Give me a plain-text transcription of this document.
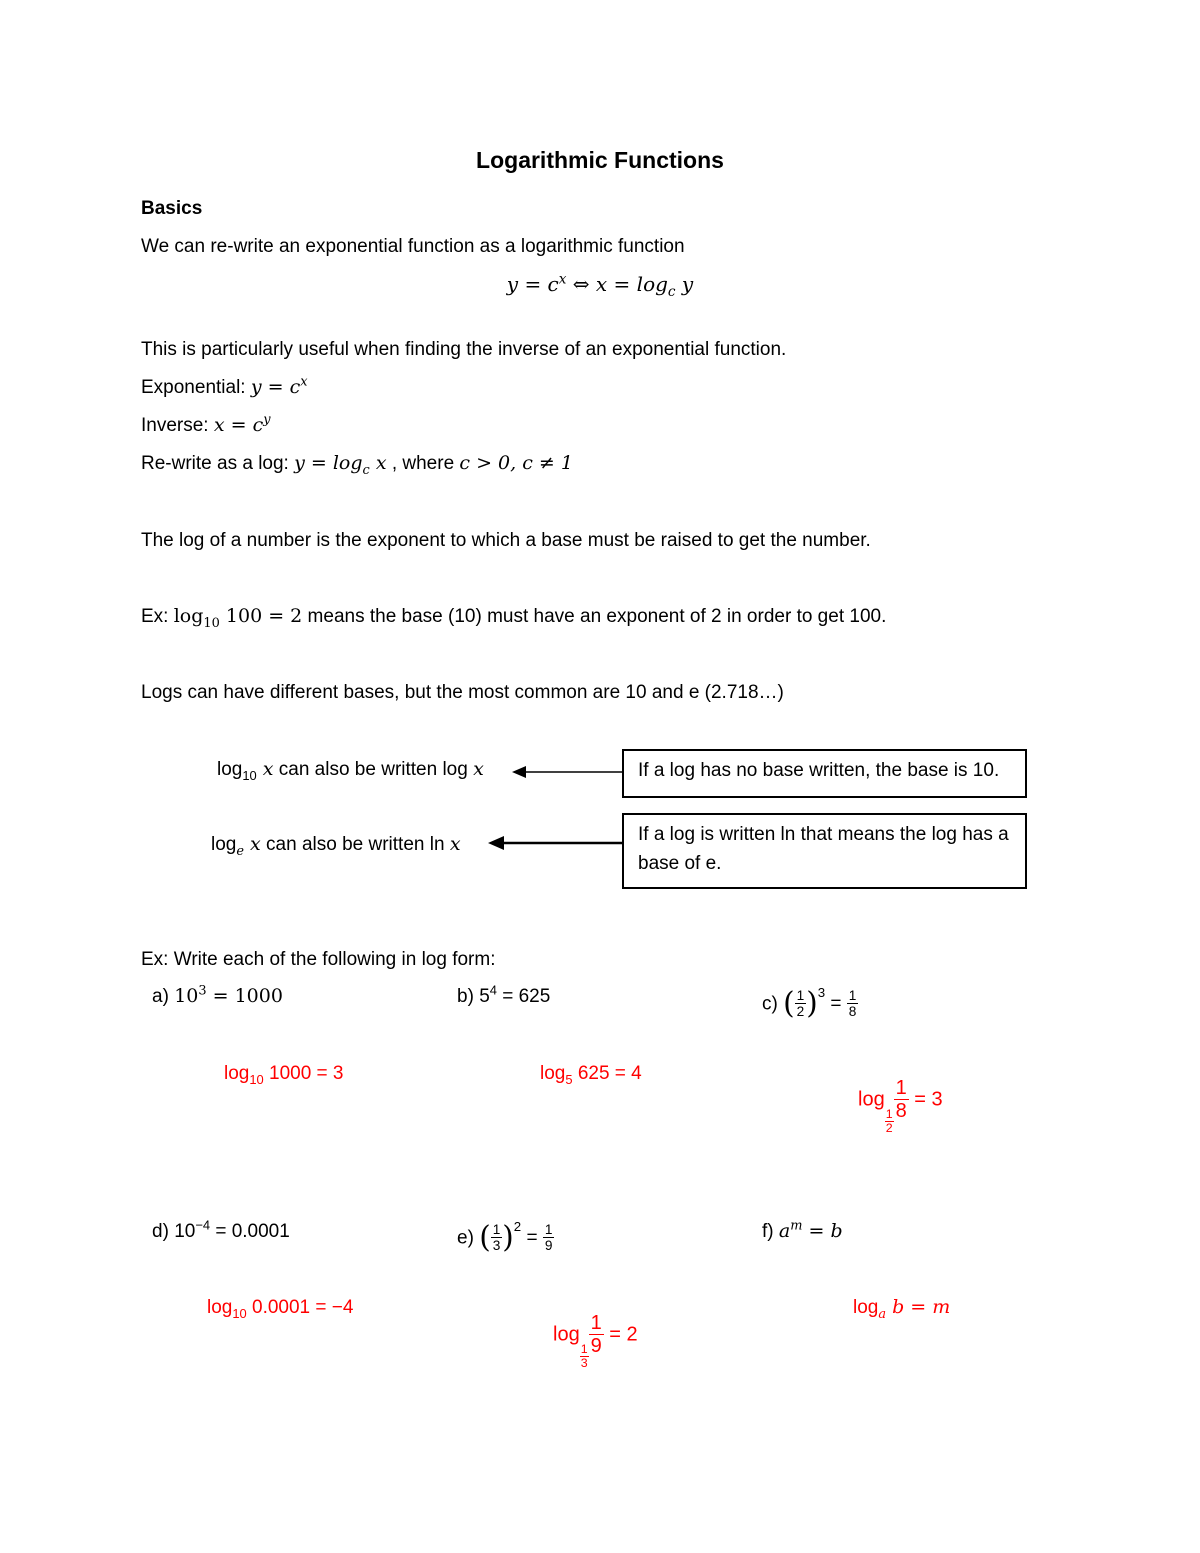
Logarithmic Functions
Basics
We can re-write an exponential function as a logarithmic function
$y = c^x$ ⇔ $x = \log_c y$
This is particularly useful when finding the inverse of an exponential function.
Exponential: $y = c^x$
Inverse: $x = c^y$
Re-write as a log: $y = \log_c x$ , where c > 0, c ≠ 1
The log of a number is the exponent to which a base must be raised to get the number.
Ex: $\log_{10} 100 = 2$ means the base (10) must have an exponent of 2 in order to get 100.
Logs can have different bases, but the most common are 10 and e (2.718…)
$\log_{10} x$ can also be written log x	If a log has no base written, the base is 10.
$\log_e x$ can also be written ln x	If a log is written ln that means the log has a base of e.
Ex: Write each of the following in log form:
a) $10^3 = 1000$
$\log_{10} 1000 = 3$
b) $5^4 = 625$
$\log_5 625 = 4$
c) ( $\frac{1}{2} )^3 = \frac{1}{8}$
log
$\frac{1}{2}$
$\frac{1}{8} = 3$
d) $10^{-4} = 0.0001$
$\log_{10} 0.0001 = -4$
e) ( $\frac{1}{3} )^2 = \frac{1}{9}$
log
$\frac{1}{3}$
$\frac{1}{9} = 2$
f) $a^m = b$
$\log_a b = m$
